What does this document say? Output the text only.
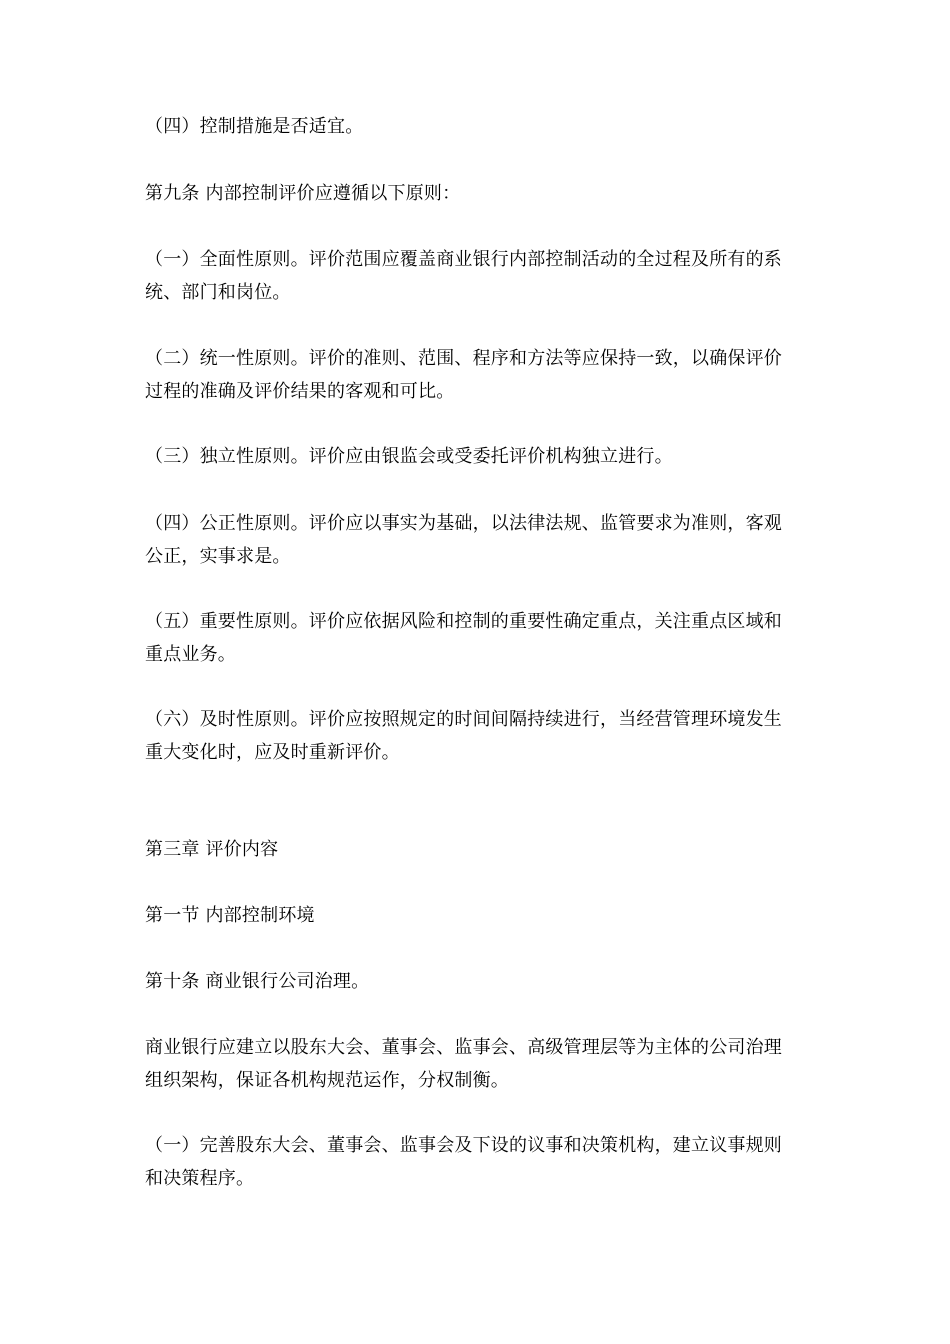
（四）控制措施是否适宜。

第九条 内部控制评价应遵循以下原则：

（一）全面性原则。评价范围应覆盖商业银行内部控制活动的全过程及所有的系统、部门和岗位。

（二）统一性原则。评价的准则、范围、程序和方法等应保持一致，以确保评价过程的准确及评价结果的客观和可比。

（三）独立性原则。评价应由银监会或受委托评价机构独立进行。

（四）公正性原则。评价应以事实为基础，以法律法规、监管要求为准则，客观公正，实事求是。

（五）重要性原则。评价应依据风险和控制的重要性确定重点，关注重点区域和重点业务。

（六）及时性原则。评价应按照规定的时间间隔持续进行，当经营管理环境发生重大变化时，应及时重新评价。

第三章 评价内容

第一节 内部控制环境

第十条 商业银行公司治理。

商业银行应建立以股东大会、董事会、监事会、高级管理层等为主体的公司治理组织架构，保证各机构规范运作，分权制衡。

（一）完善股东大会、董事会、监事会及下设的议事和决策机构，建立议事规则和决策程序。
